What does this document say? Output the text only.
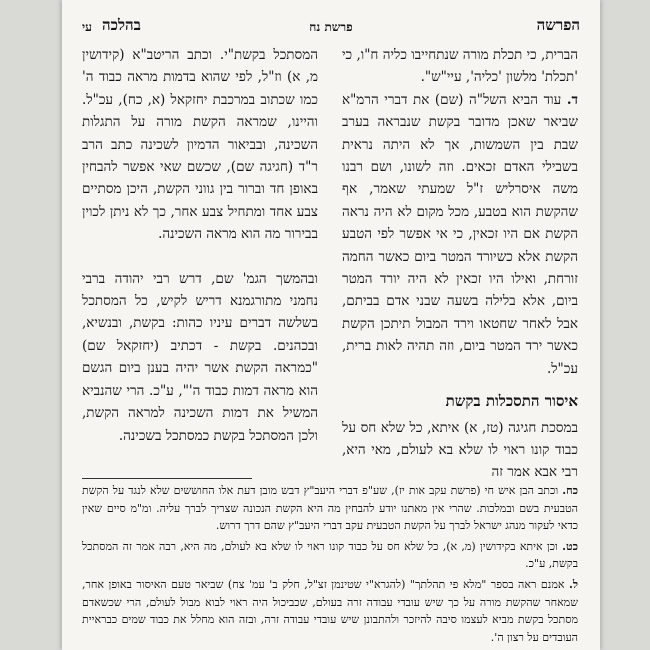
הפרשה
פרשת נח
בהלכה
עי

הברית, כי תכלת מורה שנתחייבו כליה ח"ו, כי 'תכלת' מלשון 'כליה', עיי"ש".

ד. עוד הביא השל"ה (שם) את דברי הרמ"א שביאר שאכן מדובר בקשת שנבראה בערב שבת בין השמשות, אך לא היתה נראית בשבילי האדם זכאים. וזה לשונו, ושם רבנו משה איסרליש ז"ל שמעתי שאמר, אף שהקשת הוא בטבע, מכל מקום לא היה נראה הקשת אם היו זכאין, כי אי אפשר לפי הטבע הקשת אלא כשיורד המטר ביום כאשר החמה זורחת, ואילו היו זכאין לא היה יורד המטר ביום, אלא בלילה בשעה שבני אדם בביתם, אבל לאחר שחטאו וירד המבול תיתכן הקשת כאשר ירד המטר ביום, וזה תהיה לאות ברית, עכ"ל.

איסור התסכלות בקשת

במסכת חגיגה (טז, א) איתא, כל שלא חס על כבוד קונו ראוי לו שלא בא לעולם, מאי היא, רבי אבא אמר זה

המסתכל בקשת"י. וכתב הריטב"א (קידושין מ, א) וז"ל, לפי שהוא בדמות מראה כבוד ה' כמו שכתוב במרכבת יחזקאל (א, כח), עכ"ל. והיינו, שמראה הקשת מורה על התגלות השכינה, ובביאור הדמיון לשכינה כתב הרב ר"ד (חגיגה שם), שכשם שאי אפשר להבחין באופן חד וברור בין גווני הקשת, היכן מסתיים צבע אחד ומתחיל צבע אחר, כך לא ניתן לכוין בבירור מה הוא מראה השכינה.

ובהמשך הגמ' שם, דרש רבי יהודה ברבי נחמני מתורגמנא דריש לקיש, כל המסתכל בשלשה דברים עיניו כהות: בקשת, ובנשיא, ובכהנים. בקשת - דכתיב (יחזקאל שם) "כמראה הקשת אשר יהיה בענן ביום הגשם הוא מראה דמות כבוד ה'", ע"כ. הרי שהנביא המשיל את דמות השכינה למראה הקשת, ולכן המסתכל בקשת כמסתכל בשכינה.

כח. וכתב הבן איש חי (פרשת עקב אות יז), שע"פ דברי היעב"ץ דבש מובן דעת אלו החוששים שלא לנגד על הקשת הטבעית בשם ובמלכות. שהרי אין מאתנו יודע להבחין מה היא הקשת הנכונה שצריך לברך עליה. ומ"מ סיים שאין כדאי לעקור מנהג ישראל לברך על הקשת הטבעית עקב דברי היעב"ץ שהם דרך דרוש.

כט. וכן איתא בקידושין (מ, א), כל שלא חס על כבוד קונו ראוי לו שלא בא לעולם, מה היא, רבה אמר זה המסתכל בקשת, ע"כ.

ל. אמנם ראה בספר "מלא פי תהלתך" (להגרא"י שטינמן זצ"ל, חלק ב' עמ' צח) שביאר טעם האיסור באופן אחר, שמאחר שהקשת מורה על כך שיש עובדי עבודה זרה בעולם, שכביכול היה ראוי לבוא מבול לעולם, הרי שכשאדם מסתכל בקשת מביא לעצמו סיבה להיזכר ולהתבונן שיש עובדי עבודה זרה, ובזה הוא מחלל את כבוד שמים כבראיית העובדים על רצון ה'.
